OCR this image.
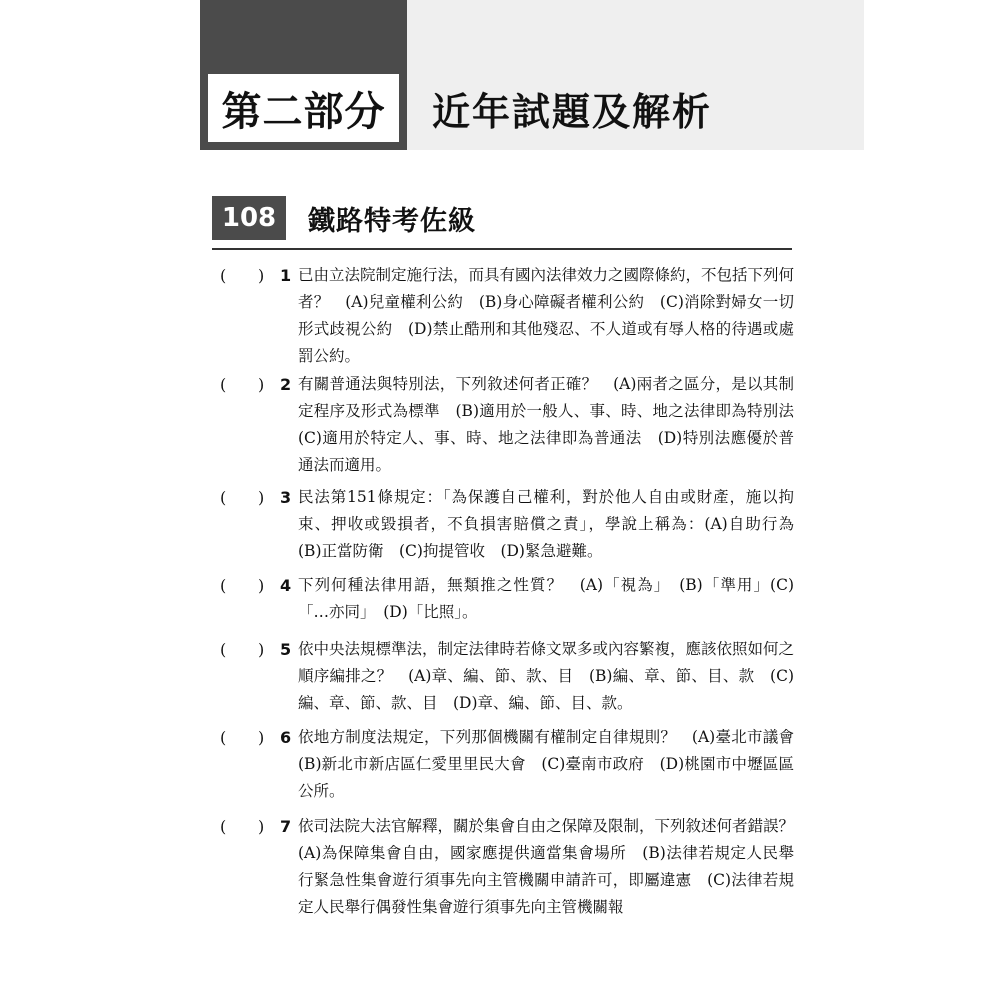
第二部分	近年試題及解析
108	鐵路特考佐級
( ) 1 已由立法院制定施行法，而具有國內法律效力之國際條約，不包括下列何者？　(A)兒童權利公約　(B)身心障礙者權利公約　(C)消除對婦女一切形式歧視公約　(D)禁止酷刑和其他殘忍、不人道或有辱人格的待遇或處罰公約。
( ) 2 有關普通法與特別法，下列敘述何者正確？　(A)兩者之區分，是以其制定程序及形式為標準　(B)適用於一般人、事、時、地之法律即為特別法　(C)適用於特定人、事、時、地之法律即為普通法　(D)特別法應優於普通法而適用。
( ) 3 民法第151條規定：「為保護自己權利，對於他人自由或財產，施以拘束、押收或毀損者，不負損害賠償之責」，學說上稱為：(A)自助行為　(B)正當防衛　(C)拘提管收　(D)緊急避難。
( ) 4 下列何種法律用語，無類推之性質？　(A)「視為」　(B)「準用」(C)「…亦同」　(D)「比照」。
( ) 5 依中央法規標準法，制定法律時若條文眾多或內容繁複，應該依照如何之順序編排之？　(A)章、編、節、款、目　(B)編、章、節、目、款　(C)編、章、節、款、目　(D)章、編、節、目、款。
( ) 6 依地方制度法規定，下列那個機關有權制定自律規則？　(A)臺北市議會　(B)新北市新店區仁愛里里民大會　(C)臺南市政府　(D)桃園市中壢區區公所。
( ) 7 依司法院大法官解釋，關於集會自由之保障及限制，下列敘述何者錯誤？　(A)為保障集會自由，國家應提供適當集會場所　(B)法律若規定人民舉行緊急性集會遊行須事先向主管機關申請許可，即屬違憲　(C)法律若規定人民舉行偶發性集會遊行須事先向主管機關報
